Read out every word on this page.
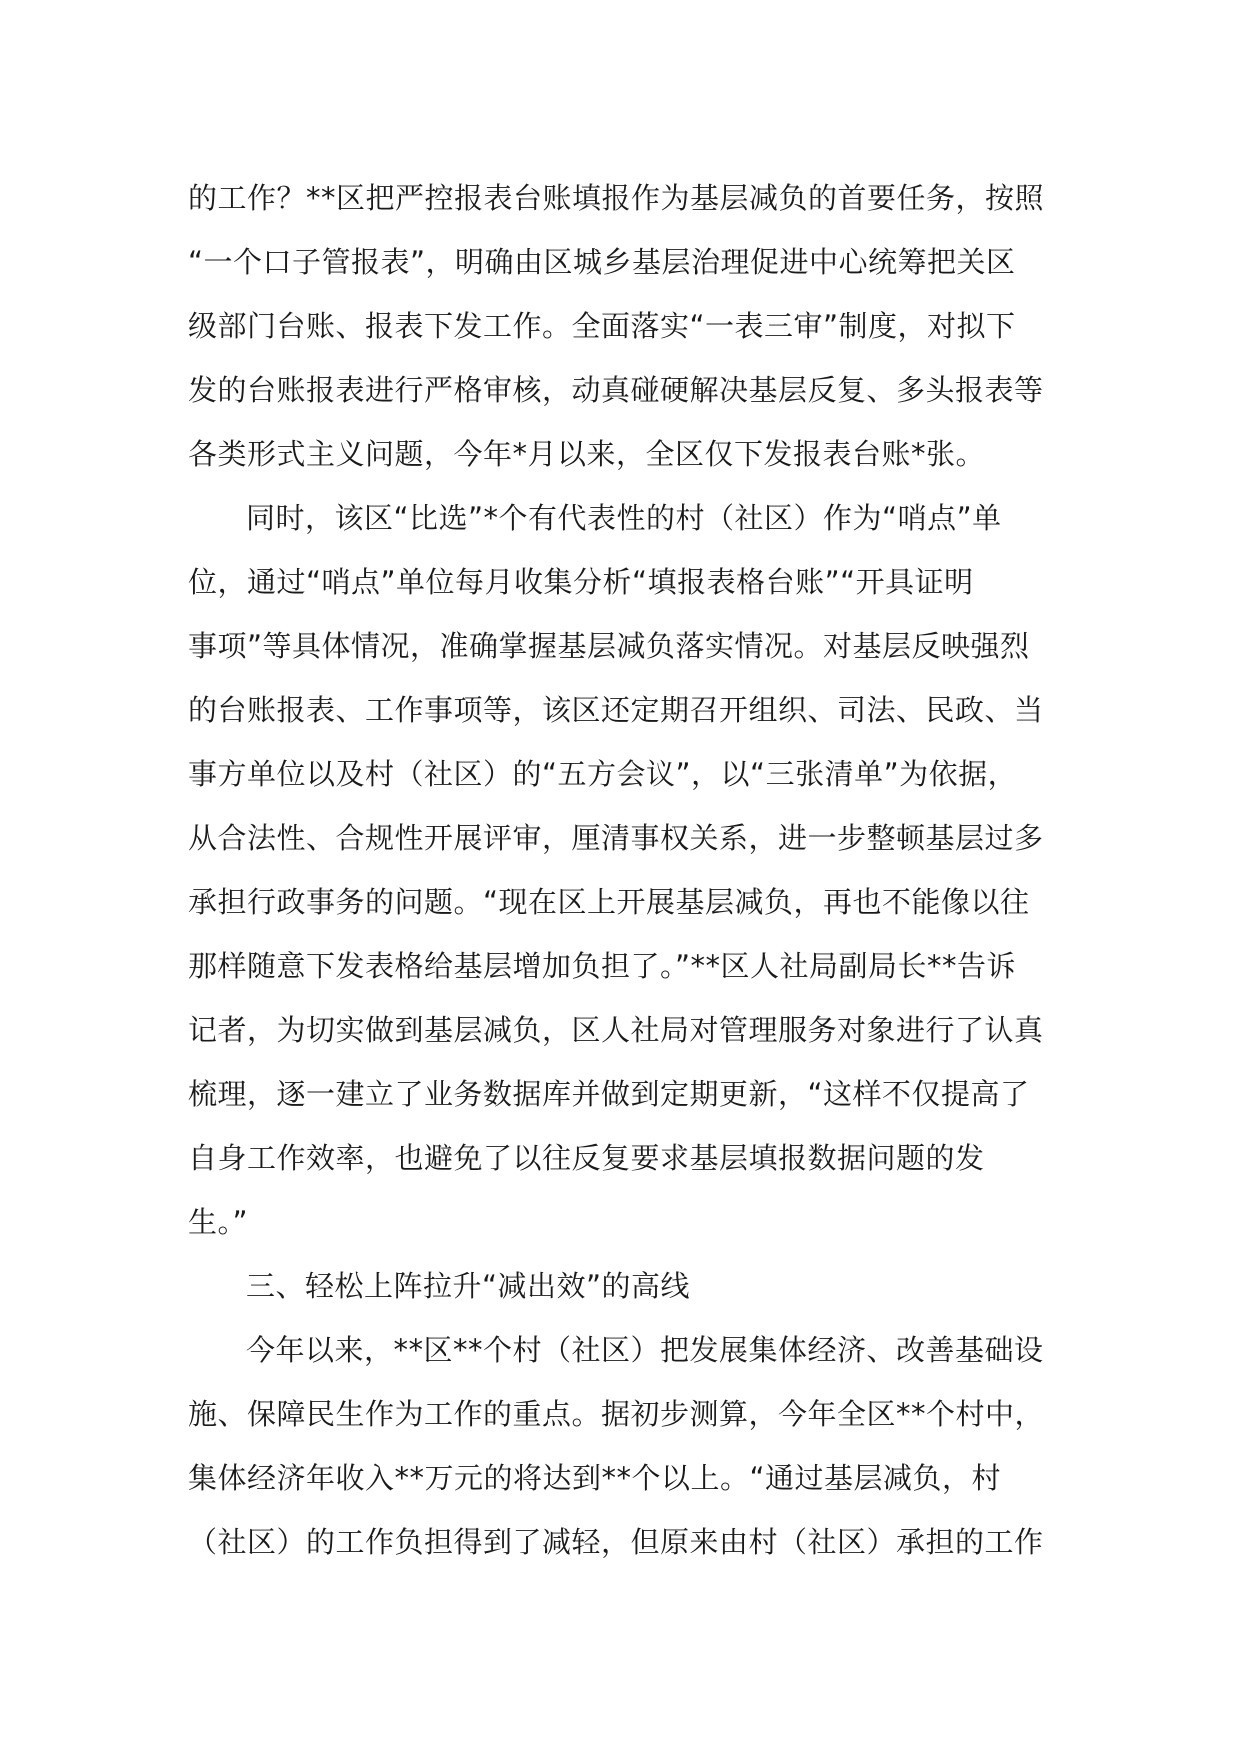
的工作？**区把严控报表台账填报作为基层减负的首要任务，按照
“一个口子管报表”，明确由区城乡基层治理促进中心统筹把关区
级部门台账、报表下发工作。全面落实“一表三审”制度，对拟下
发的台账报表进行严格审核，动真碰硬解决基层反复、多头报表等
各类形式主义问题，今年*月以来，全区仅下发报表台账*张。
同时，该区“比选”*个有代表性的村（社区）作为“哨点”单
位，通过“哨点”单位每月收集分析“填报表格台账”“开具证明
事项”等具体情况，准确掌握基层减负落实情况。对基层反映强烈
的台账报表、工作事项等，该区还定期召开组织、司法、民政、当
事方单位以及村（社区）的“五方会议”，以“三张清单”为依据，
从合法性、合规性开展评审，厘清事权关系，进一步整顿基层过多
承担行政事务的问题。“现在区上开展基层减负，再也不能像以往
那样随意下发表格给基层增加负担了。”**区人社局副局长**告诉
记者，为切实做到基层减负，区人社局对管理服务对象进行了认真
梳理，逐一建立了业务数据库并做到定期更新，“这样不仅提高了
自身工作效率，也避免了以往反复要求基层填报数据问题的发
生。”
三、轻松上阵拉升“减出效”的高线
今年以来，**区**个村（社区）把发展集体经济、改善基础设
施、保障民生作为工作的重点。据初步测算，今年全区**个村中，
集体经济年收入**万元的将达到**个以上。“通过基层减负，村
（社区）的工作负担得到了减轻，但原来由村（社区）承担的工作
